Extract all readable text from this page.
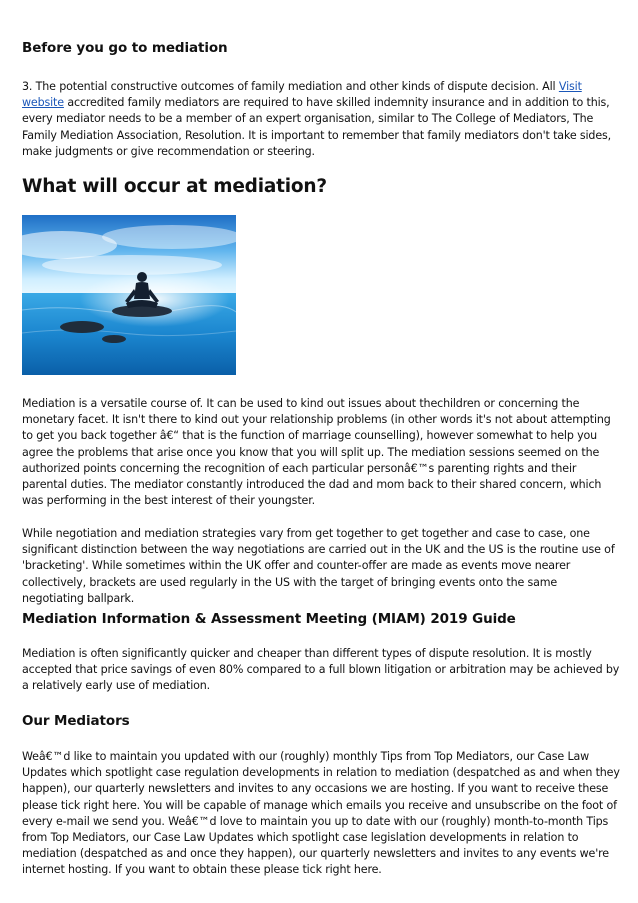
Before you go to mediation

3. The potential constructive outcomes of family mediation and other kinds of dispute decision. All Visit website accredited family mediators are required to have skilled indemnity insurance and in addition to this, every mediator needs to be a member of an expert organisation, similar to The College of Mediators, The Family Mediation Association, Resolution. It is important to remember that family mediators don't take sides, make judgments or give recommendation or steering.

What will occur at mediation?

Mediation is a versatile course of. It can be used to kind out issues about thechildren or concerning the monetary facet. It isn't there to kind out your relationship problems (in other words it's not about attempting to get you back together â€“ that is the function of marriage counselling), however somewhat to help you agree the problems that arise once you know that you will split up. The mediation sessions seemed on the authorized points concerning the recognition of each particular personâ€™s parenting rights and their parental duties. The mediator constantly introduced the dad and mom back to their shared concern, which was performing in the best interest of their youngster.

While negotiation and mediation strategies vary from get together to get together and case to case, one significant distinction between the way negotiations are carried out in the UK and the US is the routine use of 'bracketing'. While sometimes within the UK offer and counter-offer are made as events move nearer collectively, brackets are used regularly in the US with the target of bringing events onto the same negotiating ballpark.

Mediation Information & Assessment Meeting (MIAM) 2019 Guide

Mediation is often significantly quicker and cheaper than different types of dispute resolution. It is mostly accepted that price savings of even 80% compared to a full blown litigation or arbitration may be achieved by a relatively early use of mediation.

Our Mediators

Weâ€™d like to maintain you updated with our (roughly) monthly Tips from Top Mediators, our Case Law Updates which spotlight case regulation developments in relation to mediation (despatched as and when they happen), our quarterly newsletters and invites to any occasions we are hosting. If you want to receive these please tick right here. You will be capable of manage which emails you receive and unsubscribe on the foot of every e-mail we send you. Weâ€™d love to maintain you up to date with our (roughly) month-to-month Tips from Top Mediators, our Case Law Updates which spotlight case legislation developments in relation to mediation (despatched as and once they happen), our quarterly newsletters and invites to any events we're internet hosting. If you want to obtain these please tick right here.
